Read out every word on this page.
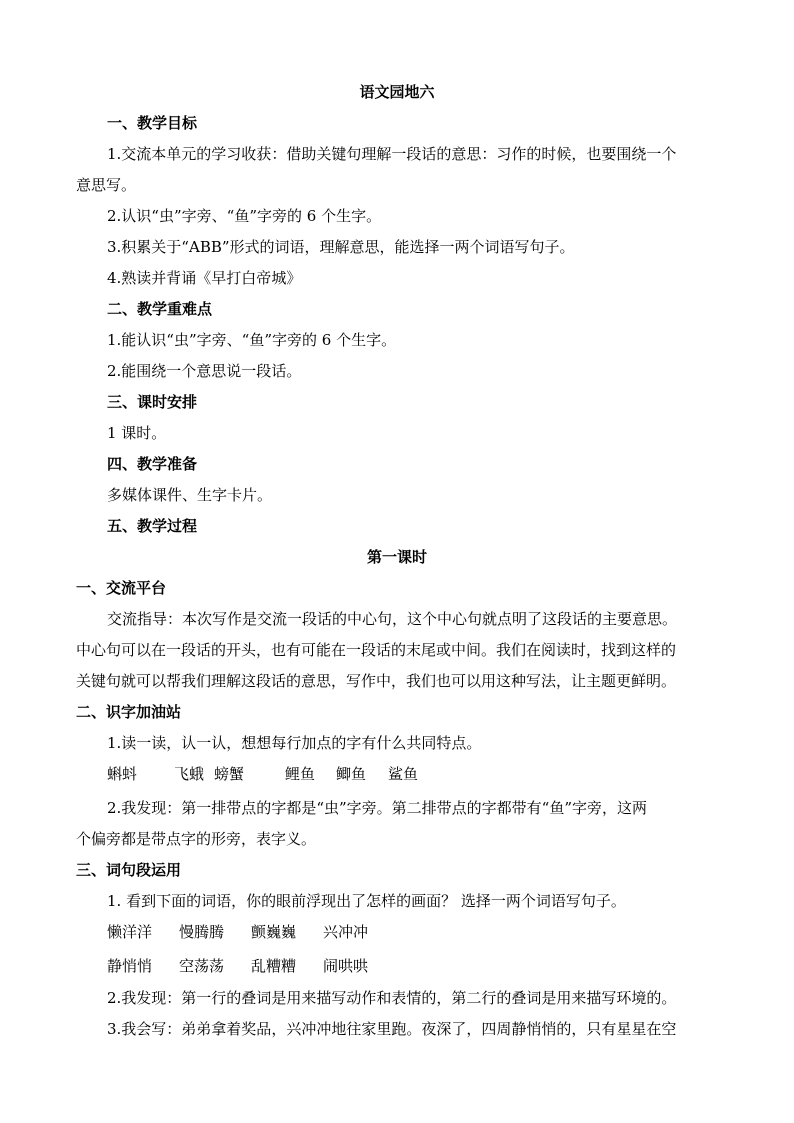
语文园地六
一、教学目标
1.交流本单元的学习收获：借助关键句理解一段话的意思：习作的时候，也要围绕一个
意思写。
2.认识“虫”字旁、“鱼”字旁的 6 个生字。
3.积累关于“ABB”形式的词语，理解意思，能选择一两个词语写句子。
4.熟读并背诵《早打白帝城》
二、教学重难点
1.能认识“虫”字旁、“鱼”字旁的 6 个生字。
2.能围绕一个意思说一段话。
三、课时安排
1 课时。
四、教学准备
多媒体课件、生字卡片。
五、教学过程
第一课时
一、交流平台
交流指导：本次写作是交流一段话的中心句，这个中心句就点明了这段话的主要意思。
中心句可以在一段话的开头，也有可能在一段话的末尾或中间。我们在阅读时，找到这样的
关键句就可以帮我们理解这段话的意思，写作中，我们也可以用这种写法，让主题更鲜明。
二、识字加油站
1.读一读，认一认，想想每行加点的字有什么共同特点。
蝌蚪 飞蛾 螃蟹	鲤鱼 鲫鱼 鲨鱼
2.我发现：第一排带点的字都是“虫”字旁。第二排带点的字都带有“鱼”字旁，这两
个偏旁都是带点字的形旁，表字义。
三、词句段运用
1. 看到下面的词语，你的眼前浮现出了怎样的画面？ 选择一两个词语写句子。
懒洋洋 慢腾腾 颤巍巍 兴冲冲
静悄悄 空荡荡 乱糟糟 闹哄哄
2.我发现：第一行的叠词是用来描写动作和表情的，第二行的叠词是用来描写环境的。
3.我会写：弟弟拿着奖品，兴冲冲地往家里跑。夜深了，四周静悄悄的，只有星星在空
